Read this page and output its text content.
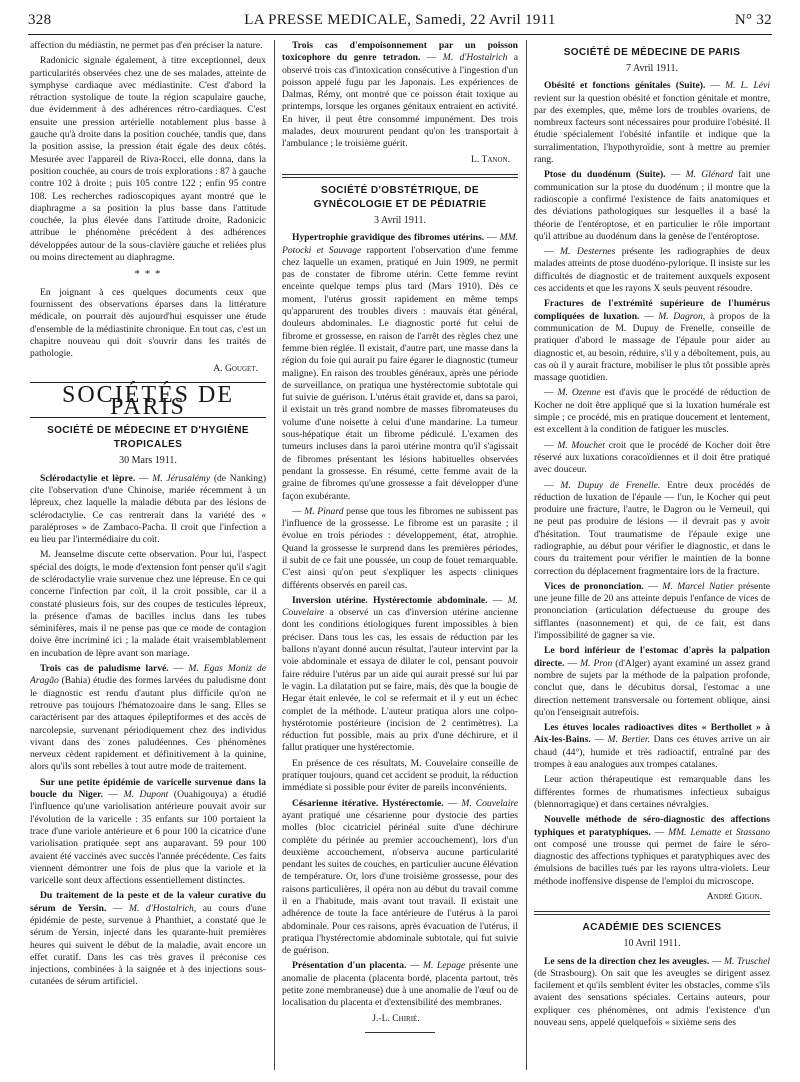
328	LA PRESSE MEDICALE, Samedi, 22 Avril 1911	N° 32

affection du médiastin, ne permet pas d'en préciser la nature.

Radonicic signale également, à titre exceptionnel, deux particularités observées chez une de ses malades, atteinte de symphyse cardiaque avec médiastinite. C'est d'abord la rétraction systolique de toute la région scapulaire gauche, due évidemment à des adhérences rétro-cardiaques. C'est ensuite une pression artérielle notablement plus basse à gauche qu'à droite dans la position couchée, tandis que, dans la position assise, la pression était égale des deux côtés. Mesurée avec l'appareil de Riva-Rocci, elle donna, dans la position couchée, au cours de trois explorations : 87 à gauche contre 102 à droite ; puis 105 contre 122 ; enfin 95 contre 108. Les recherches radioscopiques ayant montré que le diaphragme a sa position la plus basse dans l'attitude couchée, la plus élevée dans l'attitude droite, Radonicic attribue le phénomène précédent à des adhérences développées autour de la sous-clavière gauche et reliées plus ou moins directement au diaphragme.

* * *

En joignant à ces quelques documents ceux que fournissent des observations éparses dans la littérature médicale, on pourrait dès aujourd'hui esquisser une étude d'ensemble de la médiastinite chronique. En tout cas, c'est un chapitre nouveau qui doit s'ouvrir dans les traités de pathologie.

A. Gouget.

SOCIÉTÉS DE PARIS
SOCIÉTÉ DE MÉDECINE ET D'HYGIÈNE TROPICALES

30 Mars 1911.

Sclérodactylie et lèpre. — M. Jérusalémy (de Nanking) cite l'observation d'une Chinoise, mariée récemment à un lépreux, chez laquelle la maladie débuta par des lésions de sclérodactylie. Ce cas rentrerait dans la variété des « paraléproses » de Zambaco-Pacha. Il croit que l'infection a eu lieu par l'intermédiaire du coït.

M. Jeanselme discute cette observation. Pour lui, l'aspect spécial des doigts, le mode d'extension font penser qu'il s'agit de sclérodactylie vraie survenue chez une lépreuse. En ce qui concerne l'infection par coït, il la croit possible, car il a constaté plusieurs fois, sur des coupes de testicules lépreux, la présence d'amas de bacilles inclus dans les tubes séminifères, mais il ne pense pas que ce mode de contagion doive être incriminé ici ; la malade était vraisemblablement en incubation de lèpre avant son mariage.

Trois cas de paludisme larvé. — M. Egas Moniz de Aragão (Bahia) étudie des formes larvées du paludisme dont le diagnostic est rendu d'autant plus difficile qu'on ne retrouve pas toujours l'hématozoaire dans le sang. Elles se caractérisent par des attaques épileptiformes et des accès de narcolepsie, survenant périodiquement chez des individus vivant dans des zones paludéennes. Ces phénomènes nerveux cèdent rapidement et définitivement à la quinine, alors qu'ils sont rebelles à tout autre mode de traitement.

Sur une petite épidémie de varicelle survenue dans la boucle du Niger. — M. Dupont (Ouahigouya) a étudié l'influence qu'une variolisation antérieure pouvait avoir sur l'évolution de la varicelle : 35 enfants sur 100 portaient la trace d'une variole antérieure et 6 pour 100 la cicatrice d'une variolisation pratiquée sept ans auparavant. 59 pour 100 avaient été vaccinés avec succès l'année précédente. Ces faits viennent démontrer une fois de plus que la variole et la varicelle sont deux affections essentiellement distinctes.

Du traitement de la peste et de la valeur curative du sérum de Yersin. — M. d'Hostalrich, au cours d'une épidémie de peste, survenue à Phanthiet, a constaté que le sérum de Yersin, injecté dans les quarante-huit premières heures qui suivent le début de la maladie, avait encore un effet curatif. Dans les cas très graves il préconise ces injections, combinées à la saignée et à des injections sous-cutanées de sérum artificiel.

Trois cas d'empoisonnement par un poisson toxicophore du genre tetradon. — M. d'Hostalrich a observé trois cas d'intoxication consécutive à l'ingestion d'un poisson appelé fugu par les Japonais. Les expériences de Dalmas, Rémy, ont montré que ce poisson était toxique au printemps, lorsque les organes génitaux entraient en activité. En hiver, il peut être consommé impunément. Des trois malades, deux moururent pendant qu'on les transportait à l'ambulance ; le troisième guérit.

L. Tanon.

SOCIÉTÉ D'OBSTÉTRIQUE, DE GYNÉCOLOGIE ET DE PÉDIATRIE

3 Avril 1911.

Hypertrophie gravidique des fibromes utérins. — MM. Potocki et Sauvage rapportent l'observation d'une femme chez laquelle un examen, pratiqué en Juin 1909, ne permit pas de constater de fibrome utérin. Cette femme revint enceinte quelque temps plus tard (Mars 1910). Dès ce moment, l'utérus grossit rapidement en même temps qu'apparurent des troubles divers : mauvais état général, douleurs abdominales. Le diagnostic porté fut celui de fibrome et grossesse, en raison de l'arrêt des règles chez une femme bien réglée. Il existait, d'autre part, une masse dans la région du foie qui aurait pu faire égarer le diagnostic (tumeur maligne). En raison des troubles généraux, après une période de surveillance, on pratiqua une hystérectomie subtotale qui fut suivie de guérison. L'utérus était gravide et, dans sa paroi, il existait un très grand nombre de masses fibromateuses du volume d'une noisette à celui d'une mandarine. La tumeur sous-hépatique était un fibrome pédiculé. L'examen des tumeurs incluses dans la paroi utérine montra qu'il s'agissait de fibromes présentant les lésions habituelles observées pendant la grossesse. En résumé, cette femme avait de la graine de fibromes qu'une grossesse a fait développer d'une façon exubérante.

— M. Pinard pense que tous les fibromes ne subissent pas l'influence de la grossesse. Le fibrome est un parasite ; il évolue en trois périodes : développement, état, atrophie. Quand la grossesse le surprend dans les premières périodes, il subit de ce fait une poussée, un coup de fouet remarquable. C'est ainsi qu'on peut s'expliquer les aspects cliniques différents observés en pareil cas.

Inversion utérine. Hystérectomie abdominale. — M. Couvelaire a observé un cas d'inversion utérine ancienne dont les conditions étiologiques furent impossibles à bien préciser. Dans tous les cas, les essais de réduction par les ballons n'ayant donné aucun résultat, l'auteur intervint par la voie abdominale et essaya de dilater le col, pensant pouvoir faire réduire l'utérus par un aide qui aurait pressé sur lui par le vagin. La dilatation put se faire, mais, dès que la bougie de Hegar était enlevée, le col se refermait et il y eut un échec complet de la méthode. L'auteur pratiqua alors une colpo-hystérotomie postérieure (incision de 2 centimètres). La réduction fut possible, mais au prix d'une déchirure, et il fallut pratiquer une hystérectomie.

En présence de ces résultats, M. Couvelaire conseille de pratiquer toujours, quand cet accident se produit, la réduction immédiate si possible pour éviter de pareils inconvénients.

Césarienne itérative. Hystérectomie. — M. Couvelaire ayant pratiqué une césarienne pour dystocie des parties molles (bloc cicatriciel périnéal suite d'une déchirure complète du périnée au premier accouchement), lors d'un deuxième accouchement, n'observa aucune particularité pendant les suites de couches, en particulier aucune élévation de température. Or, lors d'une troisième grossesse, pour des raisons particulières, il opéra non au début du travail comme il en a l'habitude, mais avant tout travail. Il existait une adhérence de toute la face antérieure de l'utérus à la paroi abdominale. Pour ces raisons, après évacuation de l'utérus, il pratiqua l'hystérectomie abdominale subtotale, qui fut suivie de guérison.

Présentation d'un placenta. — M. Lepage présente une anomalie de placenta (placenta bordé, placenta partout, très petite zone membraneuse) due à une anomalie de l'œuf ou de localisation du placenta et d'extensibilité des membranes.

J.-L. Chirié.

SOCIÉTÉ DE MÉDECINE DE PARIS

7 Avril 1911.

Obésité et fonctions génitales (Suite). — M. L. Lévi revient sur la question obésité et fonction génitale et montre, par des exemples, que, même lors de troubles ovariens, de nombreux facteurs sont nécessaires pour produire l'obésité. Il étudie spécialement l'obésité infantile et indique que la surralimentation, l'hypothyroïdie, sont à mettre au premier rang.

Ptose du duodénum (Suite). — M. Glénard fait une communication sur la ptose du duodénum ; il montre que la radioscopie a confirmé l'existence de faits anatomiques et des déviations pathologiques sur lesquelles il a basé la théorie de l'entéroptose, et en particulier le rôle important qu'il attribue au duodénum dans la genèse de l'entéroptose.

— M. Desternes présente les radiographies de deux malades atteints de ptose duodéno-pylorique. Il insiste sur les difficultés de diagnostic et de traitement auxquels exposent ces accidents et que les rayons X seuls peuvent résoudre.

Fractures de l'extrémité supérieure de l'humérus compliquées de luxation. — M. Dagron, à propos de la communication de M. Dupuy de Frenelle, conseille de pratiquer d'abord le massage de l'épaule pour aider au diagnostic et, au besoin, réduire, s'il y a déboîtement, puis, au cas où il y aurait fracture, mobiliser le plus tôt possible après massage quotidien.

— M. Ozenne est d'avis que le procédé de réduction de Kocher ne doit être appliqué que si la luxation humérale est simple ; ce procédé, mis en pratique doucement et lentement, est excellent à la condition de fatiguer les muscles.

— M. Mouchet croit que le procédé de Kocher doit être réservé aux luxations coracoïdiennes et il doit être pratiqué avec douceur.

— M. Dupuy de Frenelle. Entre deux procédés de réduction de luxation de l'épaule — l'un, le Kocher qui peut produire une fracture, l'autre, le Dagron ou le Verneuil, qui ne peut pas produire de lésions — il devrait pas y avoir d'hésitation. Tout traumatisme de l'épaule exige une radiographie, au début pour vérifier le diagnostic, et dans le cours du traitement pour vérifier le maintien de la bonne correction du déplacement fragmentaire lors de la fracture.

Vices de prononciation. — M. Marcel Natier présente une jeune fille de 20 ans atteinte depuis l'enfance de vices de prononciation (articulation défectueuse du groupe des sifflantes (nasonnement) et qui, de ce fait, est dans l'impossibilité de gagner sa vie.

Le bord inférieur de l'estomac d'après la palpation directe. — M. Pron (d'Alger) ayant examiné un assez grand nombre de sujets par la méthode de la palpation profonde, conclut que, dans le décubitus dorsal, l'estomac a une direction nettement transversale ou fortement oblique, ainsi qu'on l'enseignait autrefois.

Les étuves locales radioactives dites « Berthollet » à Aix-les-Bains. — M. Bertier. Dans ces étuves arrive un air chaud (44°), humide et très radioactif, entraîné par des trompes à eau analogues aux trompes catalanes.

Leur action thérapeutique est remarquable dans les différentes formes de rhumatismes infectieux subaigus (blennorragique) et dans certaines névralgies.

Nouvelle méthode de séro-diagnostic des affections typhiques et paratyphiques. — MM. Lematte et Stassano ont composé une trousse qui permet de faire le séro-diagnostic des affections typhiques et paratyphiques avec des émulsions de bacilles tués par les rayons ultra-violets. Leur méthode inoffensive dispense de l'emploi du microscope.

André Gigon.

ACADÉMIE DES SCIENCES

10 Avril 1911.

Le sens de la direction chez les aveugles. — M. Truschel (de Strasbourg). On sait que les aveugles se dirigent assez facilement et qu'ils semblent éviter les obstacles, comme s'ils avaient des sensations spéciales. Certains auteurs, pour expliquer ces phénomènes, ont admis l'existence d'un nouveau sens, appelé quelquefois « sixième sens des
